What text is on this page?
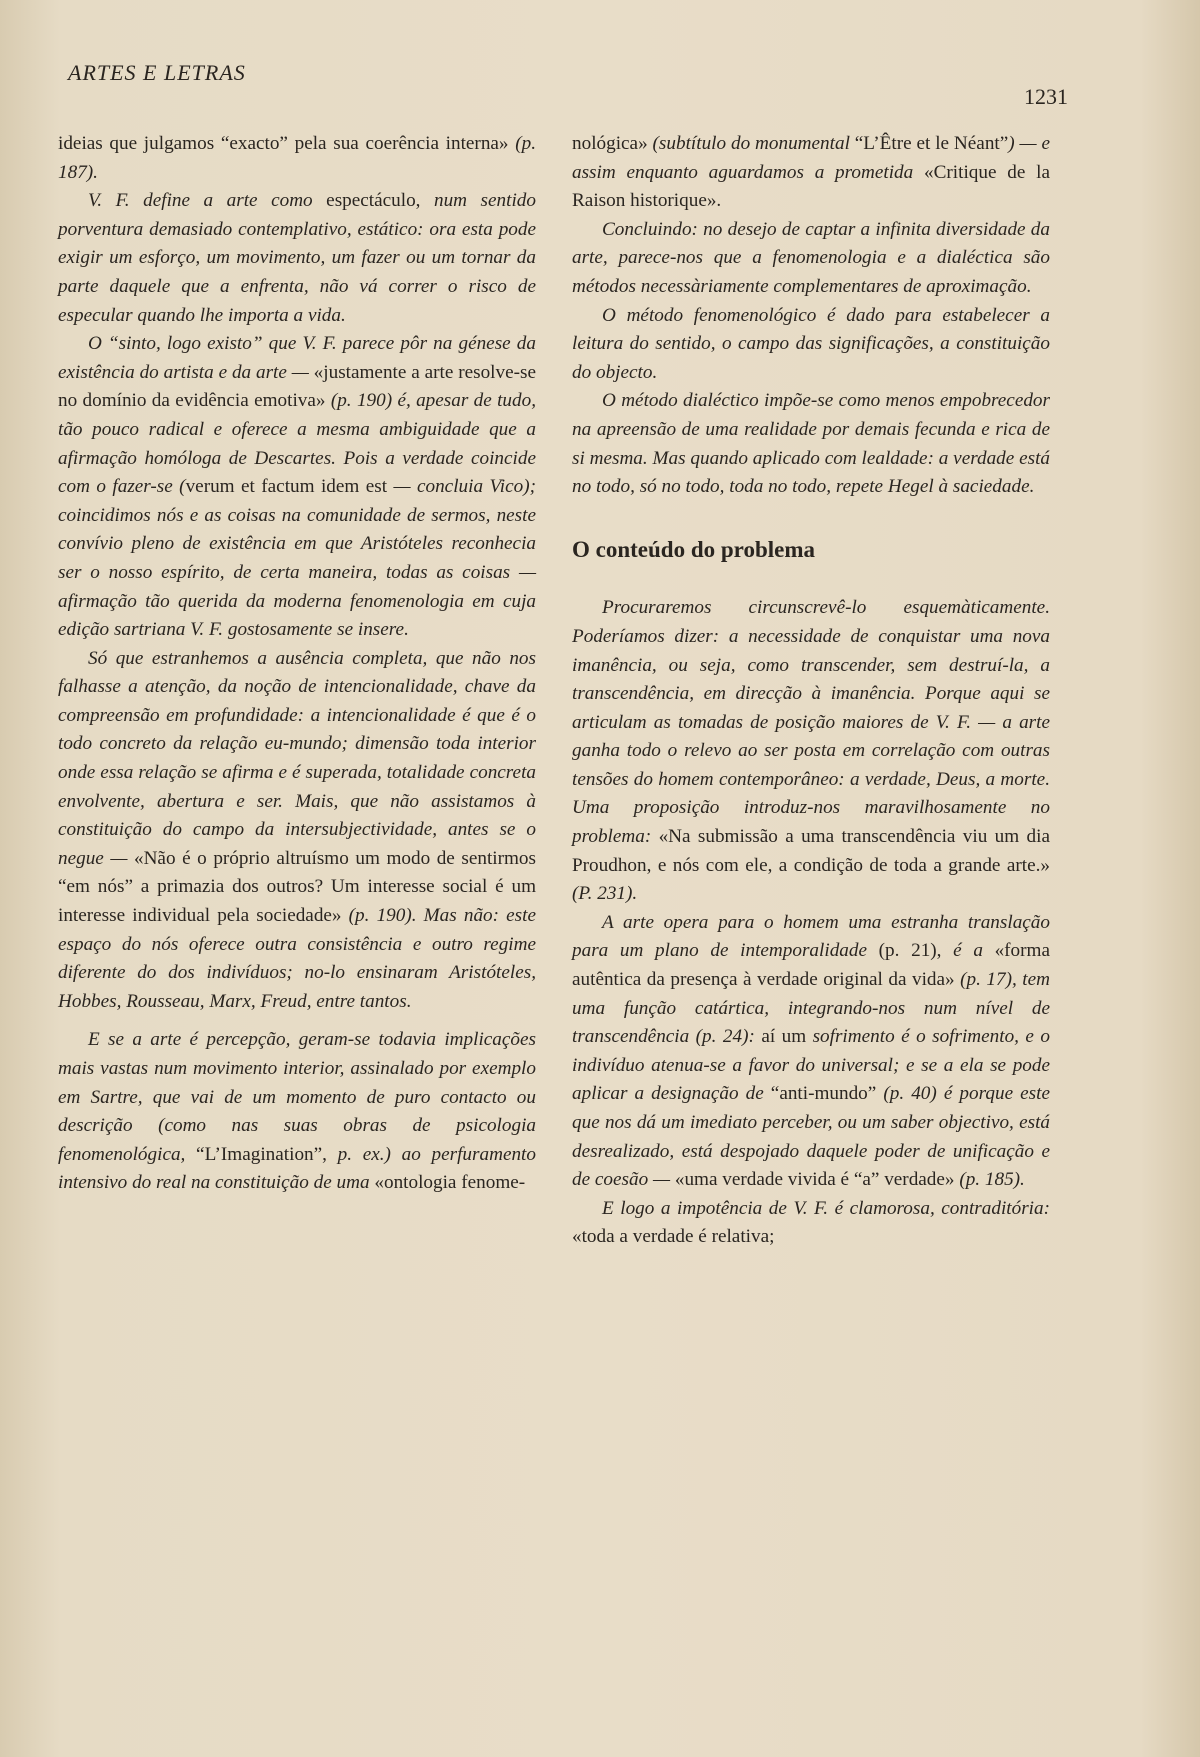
ARTES E LETRAS
1231

ideias que julgamos “exacto” pela sua coerência interna» (p. 187).

V. F. define a arte como espectáculo, num sentido porventura demasiado contemplativo, estático: ora esta pode exigir um esforço, um movimento, um fazer ou um tornar da parte daquele que a enfrenta, não vá correr o risco de especular quando lhe importa a vida.

O “sinto, logo existo” que V. F. parece pôr na génese da existência do artista e da arte — «justamente a arte resolve-se no domínio da evidência emotiva» (p. 190) é, apesar de tudo, tão pouco radical e oferece a mesma ambiguidade que a afirmação homóloga de Descartes. Pois a verdade coincide com o fazer-se (verum et factum idem est — concluia Vico); coincidimos nós e as coisas na comunidade de sermos, neste convívio pleno de existência em que Aristóteles reconhecia ser o nosso espírito, de certa maneira, todas as coisas — afirmação tão querida da moderna fenomenologia em cuja edição sartriana V. F. gostosamente se insere.

Só que estranhemos a ausência completa, que não nos falhasse a atenção, da noção de intencionalidade, chave da compreensão em profundidade: a intencionalidade é que é o todo concreto da relação eu-mundo; dimensão toda interior onde essa relação se afirma e é superada, totalidade concreta envolvente, abertura e ser. Mais, que não assistamos à constituição do campo da intersubjectividade, antes se o negue — «Não é o próprio altruísmo um modo de sentirmos “em nós” a primazia dos outros? Um interesse social é um interesse individual pela sociedade» (p. 190). Mas não: este espaço do nós oferece outra consistência e outro regime diferente do dos indivíduos; no-lo ensinaram Aristóteles, Hobbes, Rousseau, Marx, Freud, entre tantos.

E se a arte é percepção, geram-se todavia implicações mais vastas num movimento interior, assinalado por exemplo em Sartre, que vai de um momento de puro contacto ou descrição (como nas suas obras de psicologia fenomenológica, “L’Imagination”, p. ex.) ao perfuramento intensivo do real na constituição de uma «ontologia fenome-

nológica» (subtítulo do monumental “L’Être et le Néant”) — e assim enquanto aguardamos a prometida «Critique de la Raison historique».

Concluindo: no desejo de captar a infinita diversidade da arte, parece-nos que a fenomenologia e a dialéctica são métodos necessàriamente complementares de aproximação.

O método fenomenológico é dado para estabelecer a leitura do sentido, o campo das significações, a constituição do objecto.

O método dialéctico impõe-se como menos empobrecedor na apreensão de uma realidade por demais fecunda e rica de si mesma. Mas quando aplicado com lealdade: a verdade está no todo, só no todo, toda no todo, repete Hegel à saciedade.

O conteúdo do problema

Procuraremos circunscrevê-lo esquemàticamente. Poderíamos dizer: a necessidade de conquistar uma nova imanência, ou seja, como transcender, sem destruí-la, a transcendência, em direcção à imanência. Porque aqui se articulam as tomadas de posição maiores de V. F. — a arte ganha todo o relevo ao ser posta em correlação com outras tensões do homem contemporâneo: a verdade, Deus, a morte. Uma proposição introduz-nos maravilhosamente no problema: «Na submissão a uma transcendência viu um dia Proudhon, e nós com ele, a condição de toda a grande arte.» (P. 231).

A arte opera para o homem uma estranha translação para um plano de intemporalidade (p. 21), é a «forma autêntica da presença à verdade original da vida» (p. 17), tem uma função catártica, integrando-nos num nível de transcendência (p. 24): aí um sofrimento é o sofrimento, e o indivíduo atenua-se a favor do universal; e se a ela se pode aplicar a designação de “anti-mundo” (p. 40) é porque este que nos dá um imediato perceber, ou um saber objectivo, está desrealizado, está despojado daquele poder de unificação e de coesão — «uma verdade vivida é “a” verdade» (p. 185).

E logo a impotência de V. F. é clamorosa, contraditória: «toda a verdade é relativa;
